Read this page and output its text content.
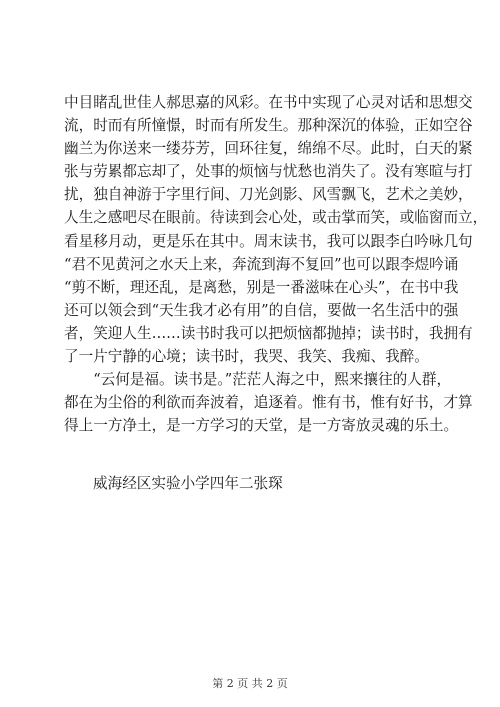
中目睹乱世佳人郝思嘉的风彩。在书中实现了心灵对话和思想交
流，时而有所憧憬，时而有所发生。那种深沉的体验，正如空谷
幽兰为你送来一缕芬芳，回环往复，绵绵不尽。此时，白天的紧
张与劳累都忘却了，处事的烦恼与忧愁也消失了。没有寒暄与打
扰，独自神游于字里行间、刀光剑影、风雪飘飞，艺术之美妙，
人生之感吧尽在眼前。待读到会心处，或击掌而笑，或临窗而立，
看星移月动，更是乐在其中。周末读书，我可以跟李白吟咏几句
“君不见黄河之水天上来，奔流到海不复回”也可以跟李煜吟诵
“剪不断，理还乱，是离愁，别是一番滋味在心头”，在书中我
还可以领会到“天生我才必有用”的自信，要做一名生活中的强
者，笑迎人生……读书时我可以把烦恼都抛掉；读书时，我拥有
了一片宁静的心境；读书时，我哭、我笑、我痴、我醉。
　　“云何是福。读书是。”茫茫人海之中，熙来攘往的人群，
都在为尘俗的利欲而奔波着，追逐着。惟有书，惟有好书，才算
得上一方净土，是一方学习的天堂，是一方寄放灵魂的乐土。
威海经区实验小学四年二张琛
第 2 页 共 2 页
